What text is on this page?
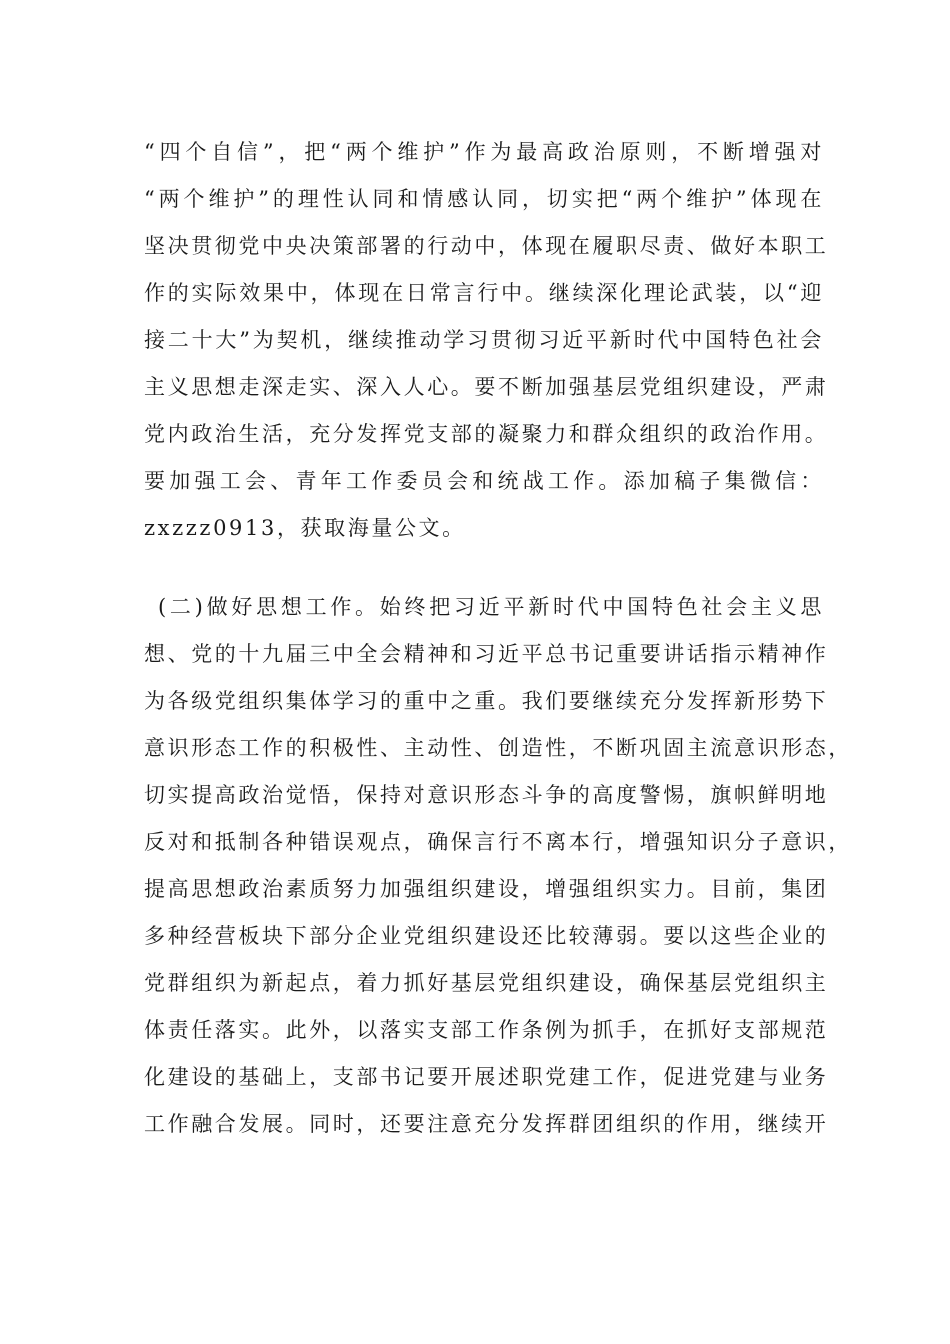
“四个自信”，把“两个维护”作为最高政治原则，不断增强对
“两个维护”的理性认同和情感认同，切实把“两个维护”体现在
坚决贯彻党中央决策部署的行动中，体现在履职尽责、做好本职工
作的实际效果中，体现在日常言行中。继续深化理论武装，以“迎
接二十大”为契机，继续推动学习贯彻习近平新时代中国特色社会
主义思想走深走实、深入人心。要不断加强基层党组织建设，严肃
党内政治生活，充分发挥党支部的凝聚力和群众组织的政治作用。
要加强工会、青年工作委员会和统战工作。添加稿子集微信：
zxzzz0913，获取海量公文。
(二)做好思想工作。始终把习近平新时代中国特色社会主义思
想、党的十九届三中全会精神和习近平总书记重要讲话指示精神作
为各级党组织集体学习的重中之重。我们要继续充分发挥新形势下
意识形态工作的积极性、主动性、创造性，不断巩固主流意识形态，
切实提高政治觉悟，保持对意识形态斗争的高度警惕，旗帜鲜明地
反对和抵制各种错误观点，确保言行不离本行，增强知识分子意识，
提高思想政治素质努力加强组织建设，增强组织实力。目前，集团
多种经营板块下部分企业党组织建设还比较薄弱。要以这些企业的
党群组织为新起点，着力抓好基层党组织建设，确保基层党组织主
体责任落实。此外，以落实支部工作条例为抓手，在抓好支部规范
化建设的基础上，支部书记要开展述职党建工作，促进党建与业务
工作融合发展。同时，还要注意充分发挥群团组织的作用，继续开
